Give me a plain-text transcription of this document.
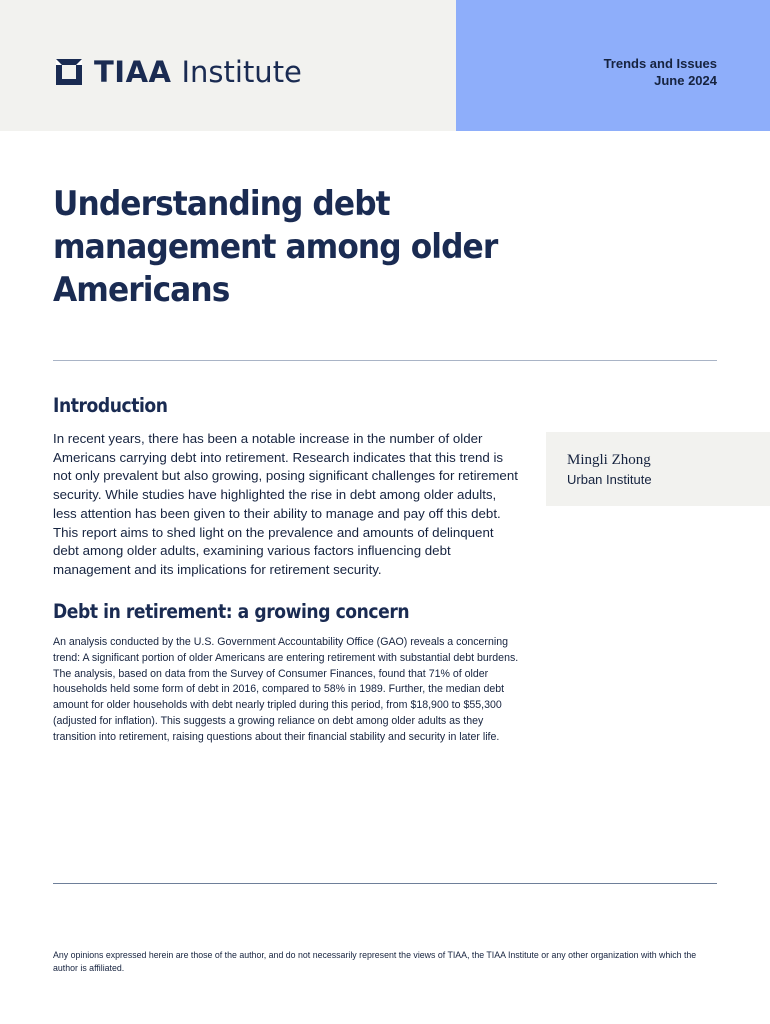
TIAA Institute	Trends and Issues
June 2024
Understanding debt management among older Americans
Introduction

In recent years, there has been a notable increase in the number of older Americans carrying debt into retirement. Research indicates that this trend is not only prevalent but also growing, posing significant challenges for retirement security. While studies have highlighted the rise in debt among older adults, less attention has been given to their ability to manage and pay off this debt. This report aims to shed light on the prevalence and amounts of delinquent debt among older adults, examining various factors influencing debt management and its implications for retirement security.

Mingli Zhong
Urban Institute
Debt in retirement: a growing concern

An analysis conducted by the U.S. Government Accountability Office (GAO) reveals a concerning trend: A significant portion of older Americans are entering retirement with substantial debt burdens. The analysis, based on data from the Survey of Consumer Finances, found that 71% of older households held some form of debt in 2016, compared to 58% in 1989. Further, the median debt amount for older households with debt nearly tripled during this period, from $18,900 to $55,300 (adjusted for inflation). This suggests a growing reliance on debt among older adults as they transition into retirement, raising questions about their financial stability and security in later life.

Any opinions expressed herein are those of the author, and do not necessarily represent the views of TIAA, the TIAA Institute or any other organization with which the author is affiliated.
